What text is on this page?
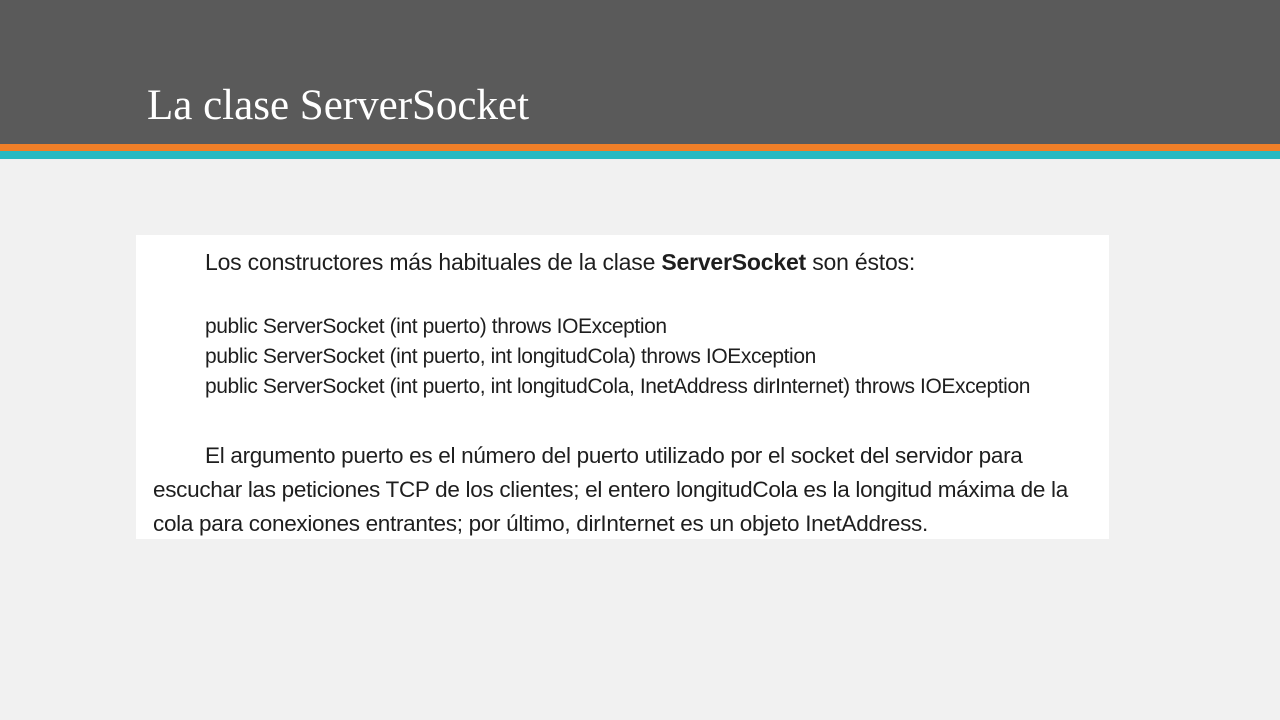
La clase ServerSocket

Los constructores más habituales de la clase ServerSocket son éstos:

public ServerSocket (int puerto) throws IOException

public ServerSocket (int puerto, int longitudCola) throws IOException

public ServerSocket (int puerto, int longitudCola, InetAddress dirInternet) throws IOException

El argumento puerto es el número del puerto utilizado por el socket del servidor para escuchar las peticiones TCP de los clientes; el entero longitudCola es la longitud máxima de la cola para conexiones entrantes; por último, dirInternet es un objeto InetAddress.
